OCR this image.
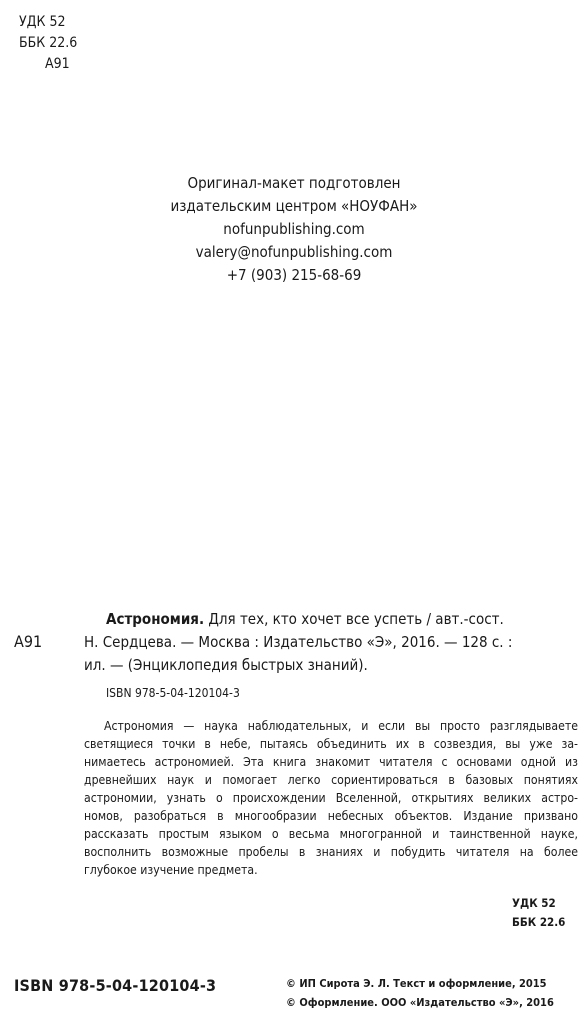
УДК 52
ББК 22.6
А91
Оригинал-макет подготовлен
издательским центром «НОУФАН»
nofunpublishing.com
valery@nofunpublishing.com
+7 (903) 215-68-69
А91
Астрономия. Для тех, кто хочет все успеть / авт.-сост.
Н. Сердцева. — Москва : Издательство «Э», 2016. — 128 с. :
ил. — (Энциклопедия быстрых знаний).
ISBN 978-5-04-120104-3
Астрономия — наука наблюдательных, и если вы просто разглядываете
светящиеся точки в небе, пытаясь объединить их в созвездия, вы уже за-
нимаетесь астрономией. Эта книга знакомит читателя с основами одной из
древнейших наук и помогает легко сориентироваться в базовых понятиях
астрономии, узнать о происхождении Вселенной, открытиях великих астро-
номов, разобраться в многообразии небесных объектов. Издание призвано
рассказать простым языком о весьма многогранной и таинственной науке,
восполнить возможные пробелы в знаниях и побудить читателя на более
глубокое изучение предмета.
УДК 52
ББК 22.6
ISBN 978-5-04-120104-3	© ИП Сирота Э. Л. Текст и оформление, 2015
© Оформление. ООО «Издательство «Э», 2016
